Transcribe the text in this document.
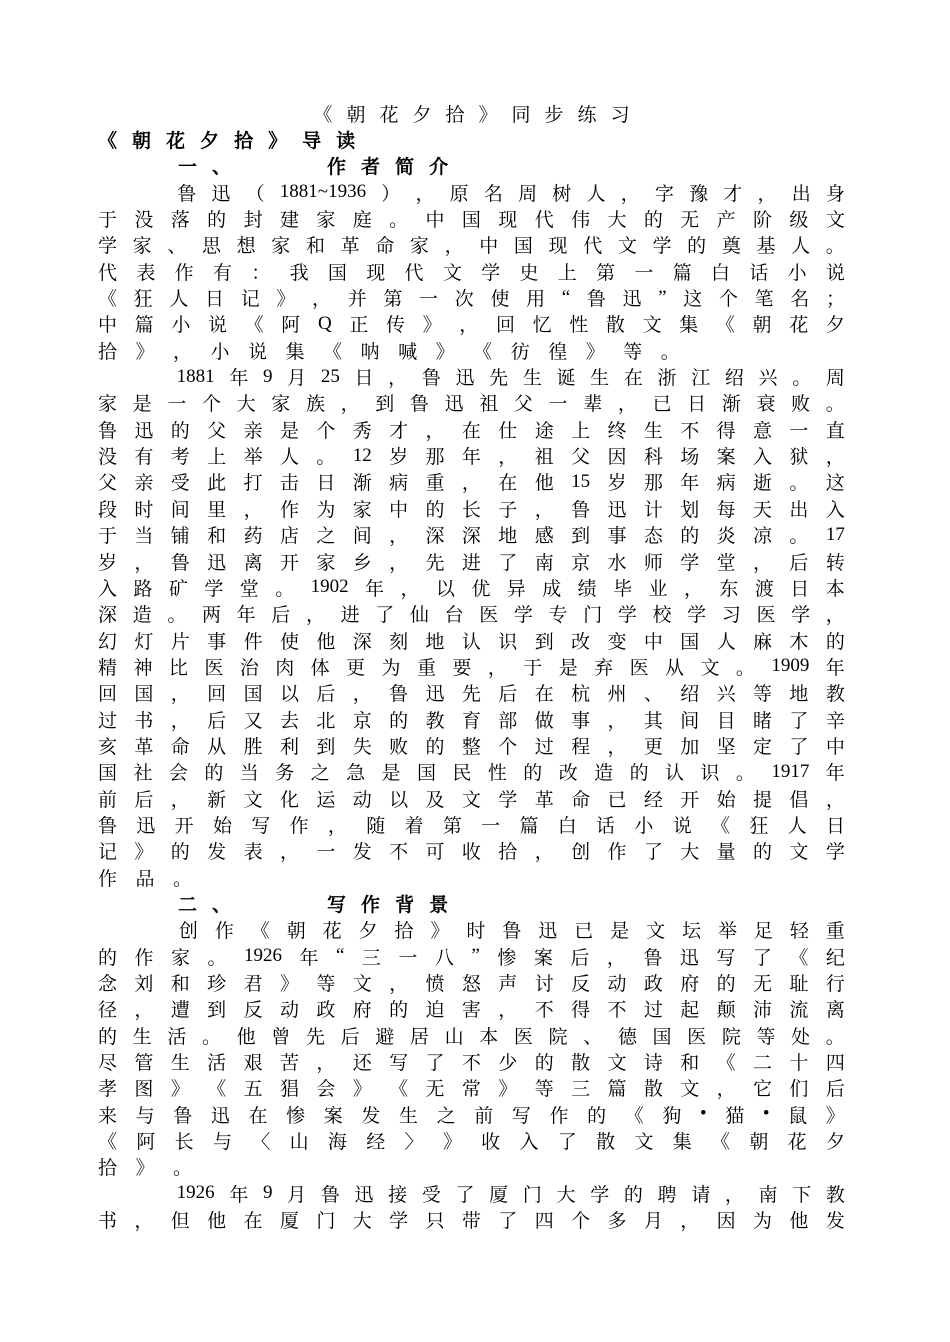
《 朝 花 夕 拾 》 同 步 练 习
《 朝 花 夕 拾 》 导 读
一 、	作 者 简 介
鲁 迅 （ 1881~1936 ） ， 原 名 周 树 人 ， 字 豫 才 ， 出 身
于 没 落 的 封 建 家 庭 。 中 国 现 代 伟 大 的 无 产 阶 级 文
学 家 、 思 想 家 和 革 命 家 ， 中 国 现 代 文 学 的 奠 基 人 。
代 表 作 有 ： 我 国 现 代 文 学 史 上 第 一 篇 白 话 小 说
《 狂 人 日 记 》 ， 并 第 一 次 使 用 “ 鲁 迅 ” 这 个 笔 名 ；
中 篇 小 说 《 阿 Q 正 传 》 ， 回 忆 性 散 文 集 《 朝 花 夕
拾 》 ， 小 说 集 《 呐 喊 》 《 彷 徨 》 等 。
1881 年 9 月 25 日 ， 鲁 迅 先 生 诞 生 在 浙 江 绍 兴 。 周
家 是 一 个 大 家 族 ， 到 鲁 迅 祖 父 一 辈 ， 已 日 渐 衰 败 。
鲁 迅 的 父 亲 是 个 秀 才 ， 在 仕 途 上 终 生 不 得 意 一 直
没 有 考 上 举 人 。 12 岁 那 年 ， 祖 父 因 科 场 案 入 狱 ，
父 亲 受 此 打 击 日 渐 病 重 ， 在 他 15 岁 那 年 病 逝 。 这
段 时 间 里 ， 作 为 家 中 的 长 子 ， 鲁 迅 计 划 每 天 出 入
于 当 铺 和 药 店 之 间 ， 深 深 地 感 到 事 态 的 炎 凉 。 17
岁 ， 鲁 迅 离 开 家 乡 ， 先 进 了 南 京 水 师 学 堂 ， 后 转
入 路 矿 学 堂 。 1902 年 ， 以 优 异 成 绩 毕 业 ， 东 渡 日 本
深 造 。 两 年 后 ， 进 了 仙 台 医 学 专 门 学 校 学 习 医 学 ，
幻 灯 片 事 件 使 他 深 刻 地 认 识 到 改 变 中 国 人 麻 木 的
精 神 比 医 治 肉 体 更 为 重 要 ， 于 是 弃 医 从 文 。 1909 年
回 国 ， 回 国 以 后 ， 鲁 迅 先 后 在 杭 州 、 绍 兴 等 地 教
过 书 ， 后 又 去 北 京 的 教 育 部 做 事 ， 其 间 目 睹 了 辛
亥 革 命 从 胜 利 到 失 败 的 整 个 过 程 ， 更 加 坚 定 了 中
国 社 会 的 当 务 之 急 是 国 民 性 的 改 造 的 认 识 。 1917 年
前 后 ， 新 文 化 运 动 以 及 文 学 革 命 已 经 开 始 提 倡 ，
鲁 迅 开 始 写 作 ， 随 着 第 一 篇 白 话 小 说 《 狂 人 日
记 》 的 发 表 ， 一 发 不 可 收 拾 ， 创 作 了 大 量 的 文 学
作 品 。
二 、	写 作 背 景
创 作 《 朝 花 夕 拾 》 时 鲁 迅 已 是 文 坛 举 足 轻 重
的 作 家 。 1926 年 “ 三 一 八 ” 惨 案 后 ， 鲁 迅 写 了 《 纪
念 刘 和 珍 君 》 等 文 ， 愤 怒 声 讨 反 动 政 府 的 无 耻 行
径 ， 遭 到 反 动 政 府 的 迫 害 ， 不 得 不 过 起 颠 沛 流 离
的 生 活 。 他 曾 先 后 避 居 山 本 医 院 、 德 国 医 院 等 处 。
尽 管 生 活 艰 苦 ， 还 写 了 不 少 的 散 文 诗 和 《 二 十 四
孝 图 》 《 五 猖 会 》 《 无 常 》 等 三 篇 散 文 ， 它 们 后
来 与 鲁 迅 在 惨 案 发 生 之 前 写 作 的 《 狗 • 猫 • 鼠 》
《 阿 长 与 〈 山 海 经 〉 》 收 入 了 散 文 集 《 朝 花 夕
拾 》 。
1926 年 9 月 鲁 迅 接 受 了 厦 门 大 学 的 聘 请 ， 南 下 教
书 ， 但 他 在 厦 门 大 学 只 带 了 四 个 多 月 ， 因 为 他 发
